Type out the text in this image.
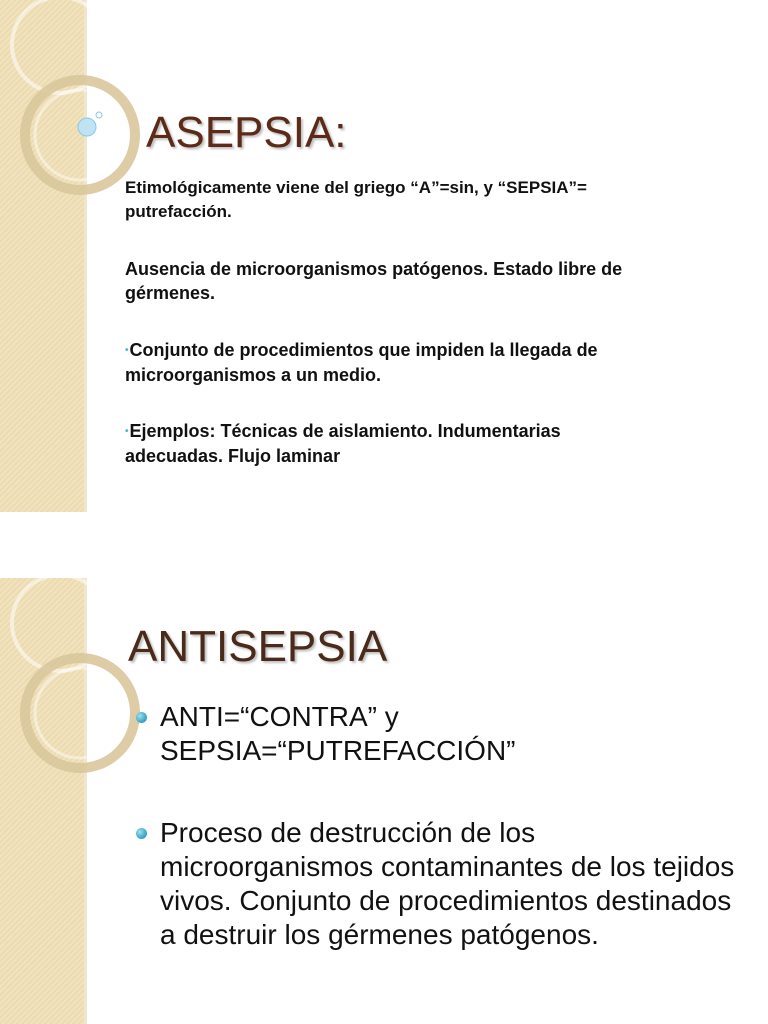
ASEPSIA:

Etimológicamente viene del griego “A”=sin, y “SEPSIA”= putrefacción.

Ausencia de microorganismos patógenos. Estado libre de gérmenes.

•Conjunto de procedimientos que impiden la llegada de microorganismos a un medio.

•Ejemplos: Técnicas de aislamiento. Indumentarias adecuadas. Flujo laminar

ANTISEPSIA
ANTI=“CONTRA” y SEPSIA=“PUTREFACCIÓN”
Proceso de destrucción de los microorganismos contaminantes de los tejidos vivos. Conjunto de procedimientos destinados a destruir los gérmenes patógenos.
